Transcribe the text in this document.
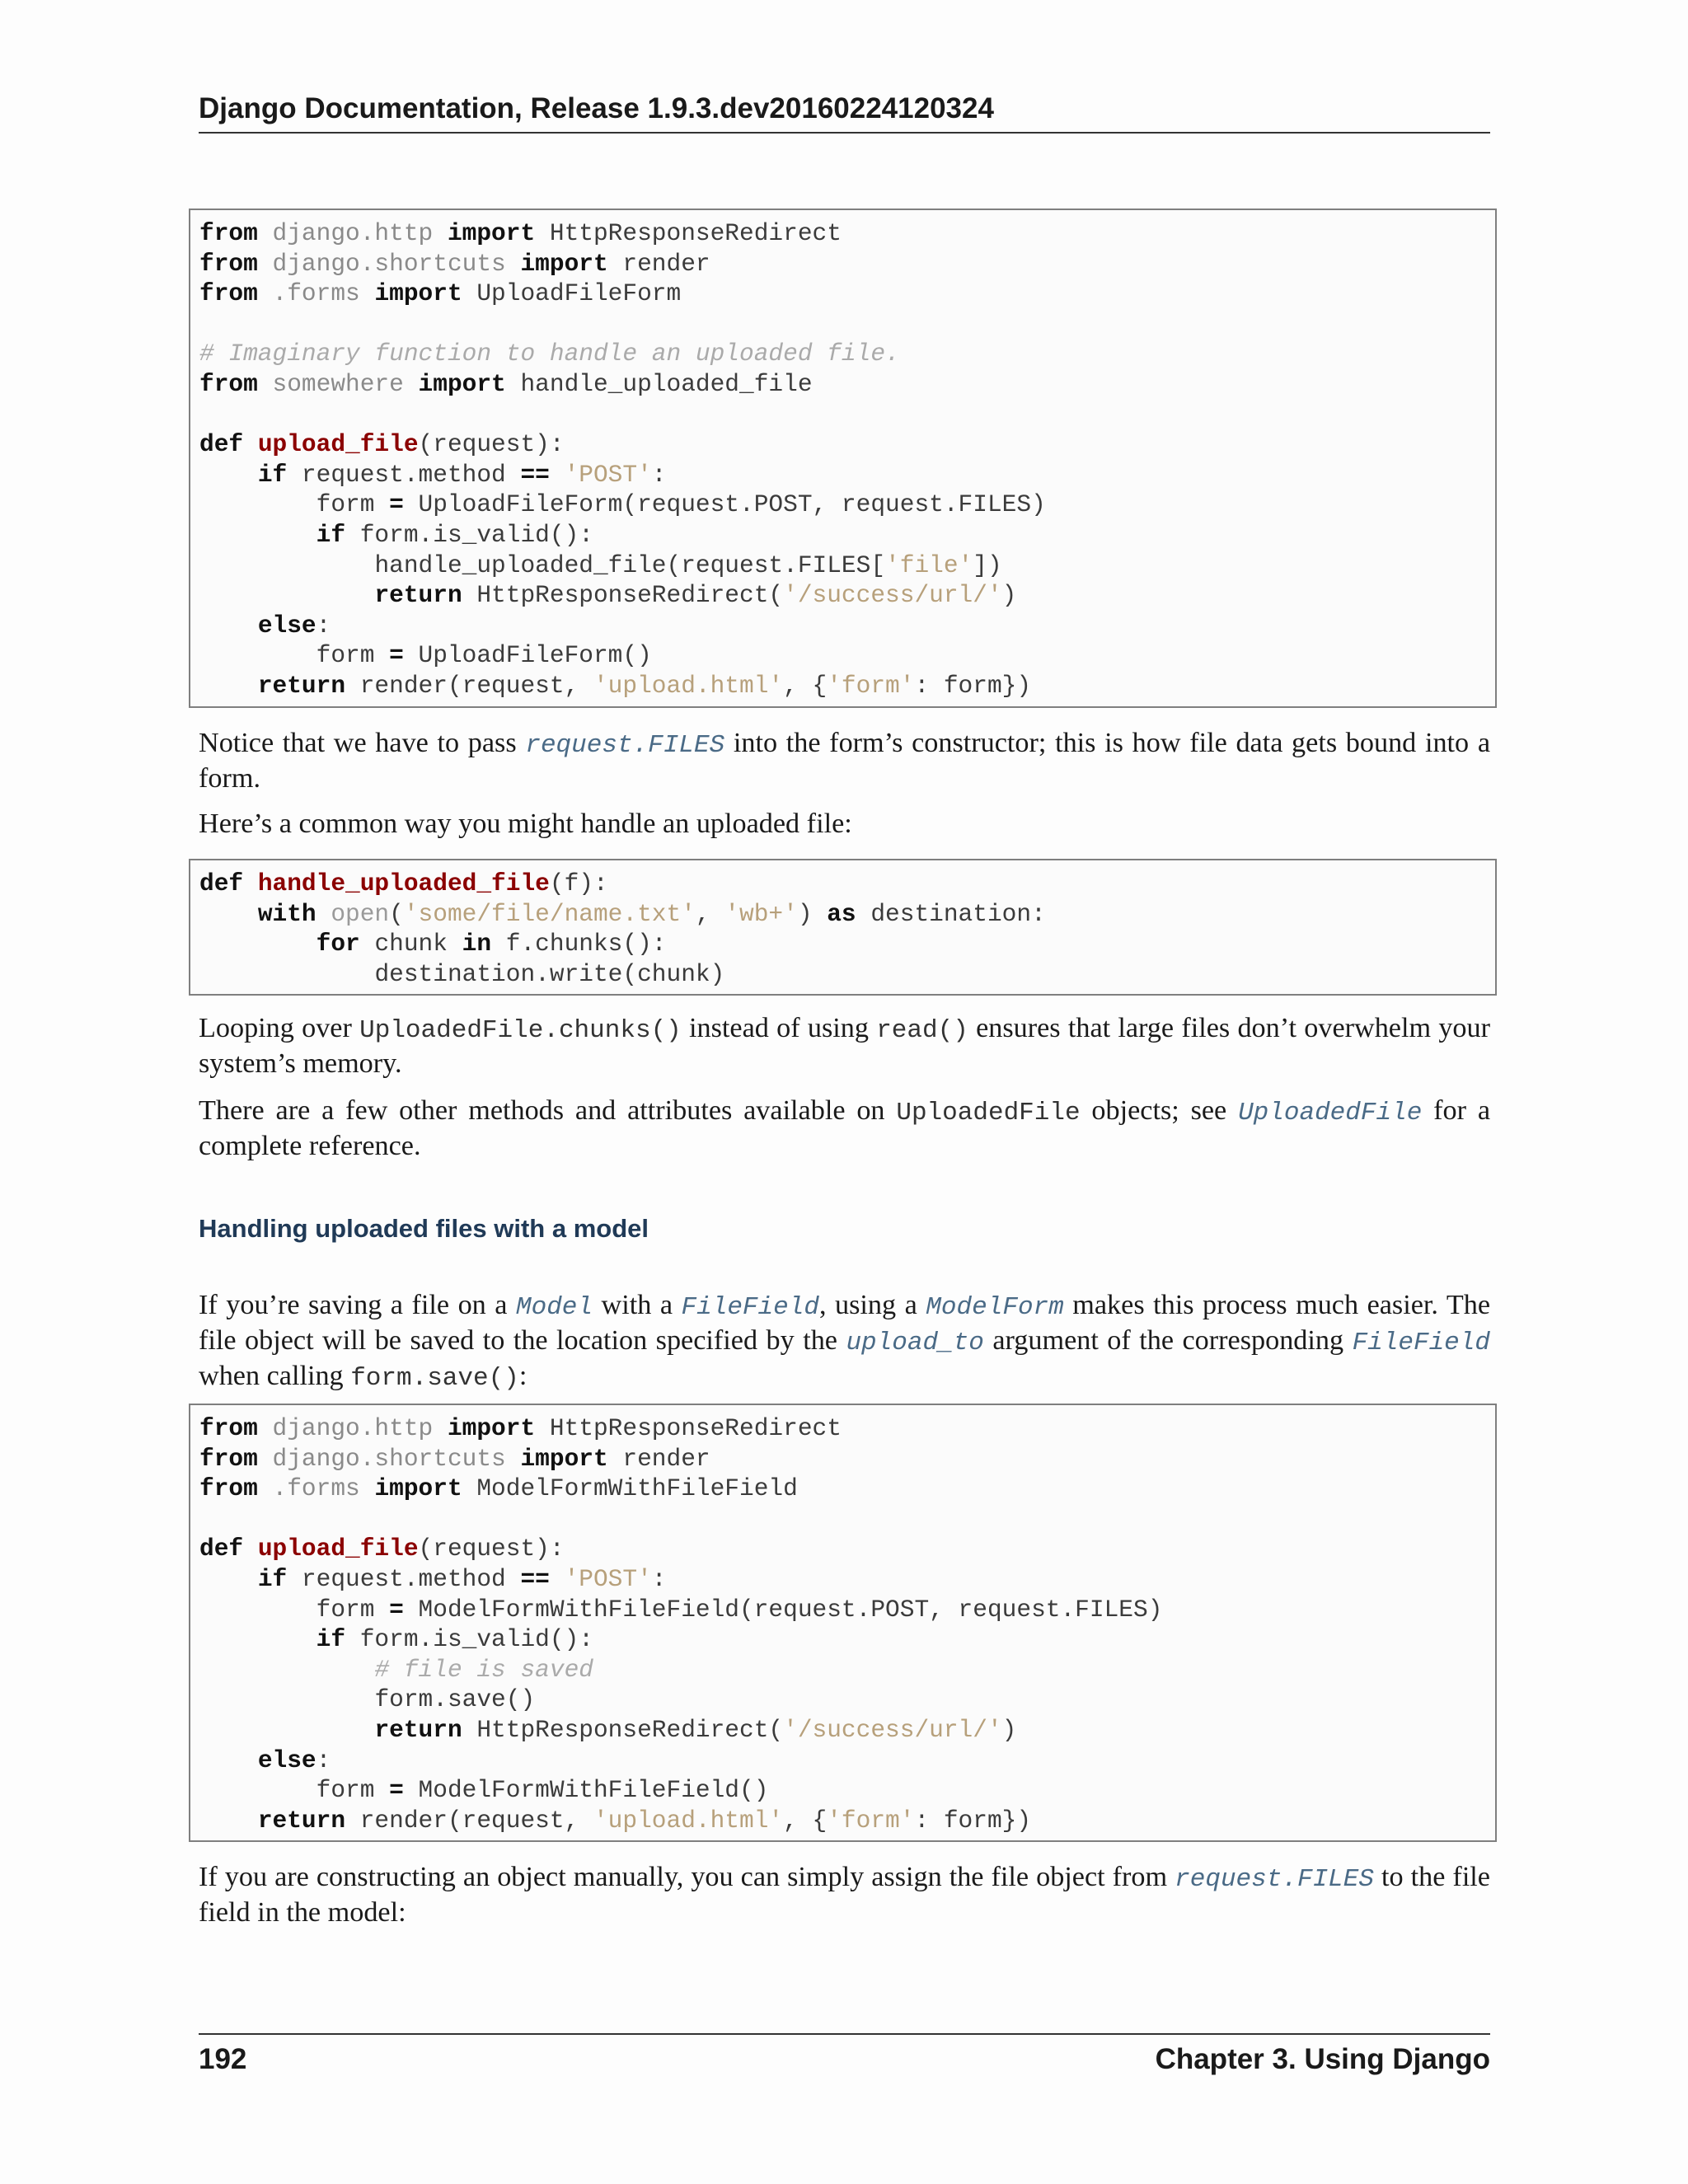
Django Documentation, Release 1.9.3.dev20160224120324
from django.http import HttpResponseRedirect
from django.shortcuts import render
from .forms import UploadFileForm

# Imaginary function to handle an uploaded file.
from somewhere import handle_uploaded_file

def upload_file(request):
if request.method == 'POST':
form = UploadFileForm(request.POST, request.FILES)
if form.is_valid():
handle_uploaded_file(request.FILES['file'])
return HttpResponseRedirect('/success/url/')
else:
form = UploadFileForm()
return render(request, 'upload.html', {'form': form})

Notice that we have to pass request.FILES into the form’s constructor; this is how file data gets bound into a form.

Here’s a common way you might handle an uploaded file:

def handle_uploaded_file(f):
with open('some/file/name.txt', 'wb+') as destination:
for chunk in f.chunks():
destination.write(chunk)

Looping over UploadedFile.chunks() instead of using read() ensures that large files don’t overwhelm your system’s memory.

There are a few other methods and attributes available on UploadedFile objects; see UploadedFile for a complete reference.

Handling uploaded files with a model

If you’re saving a file on a Model with a FileField, using a ModelForm makes this process much easier. The file object will be saved to the location specified by the upload_to argument of the corresponding FileField when calling form.save():

from django.http import HttpResponseRedirect
from django.shortcuts import render
from .forms import ModelFormWithFileField

def upload_file(request):
if request.method == 'POST':
form = ModelFormWithFileField(request.POST, request.FILES)
if form.is_valid():
# file is saved
form.save()
return HttpResponseRedirect('/success/url/')
else:
form = ModelFormWithFileField()
return render(request, 'upload.html', {'form': form})

If you are constructing an object manually, you can simply assign the file object from request.FILES to the file field in the model:

192	Chapter 3. Using Django
